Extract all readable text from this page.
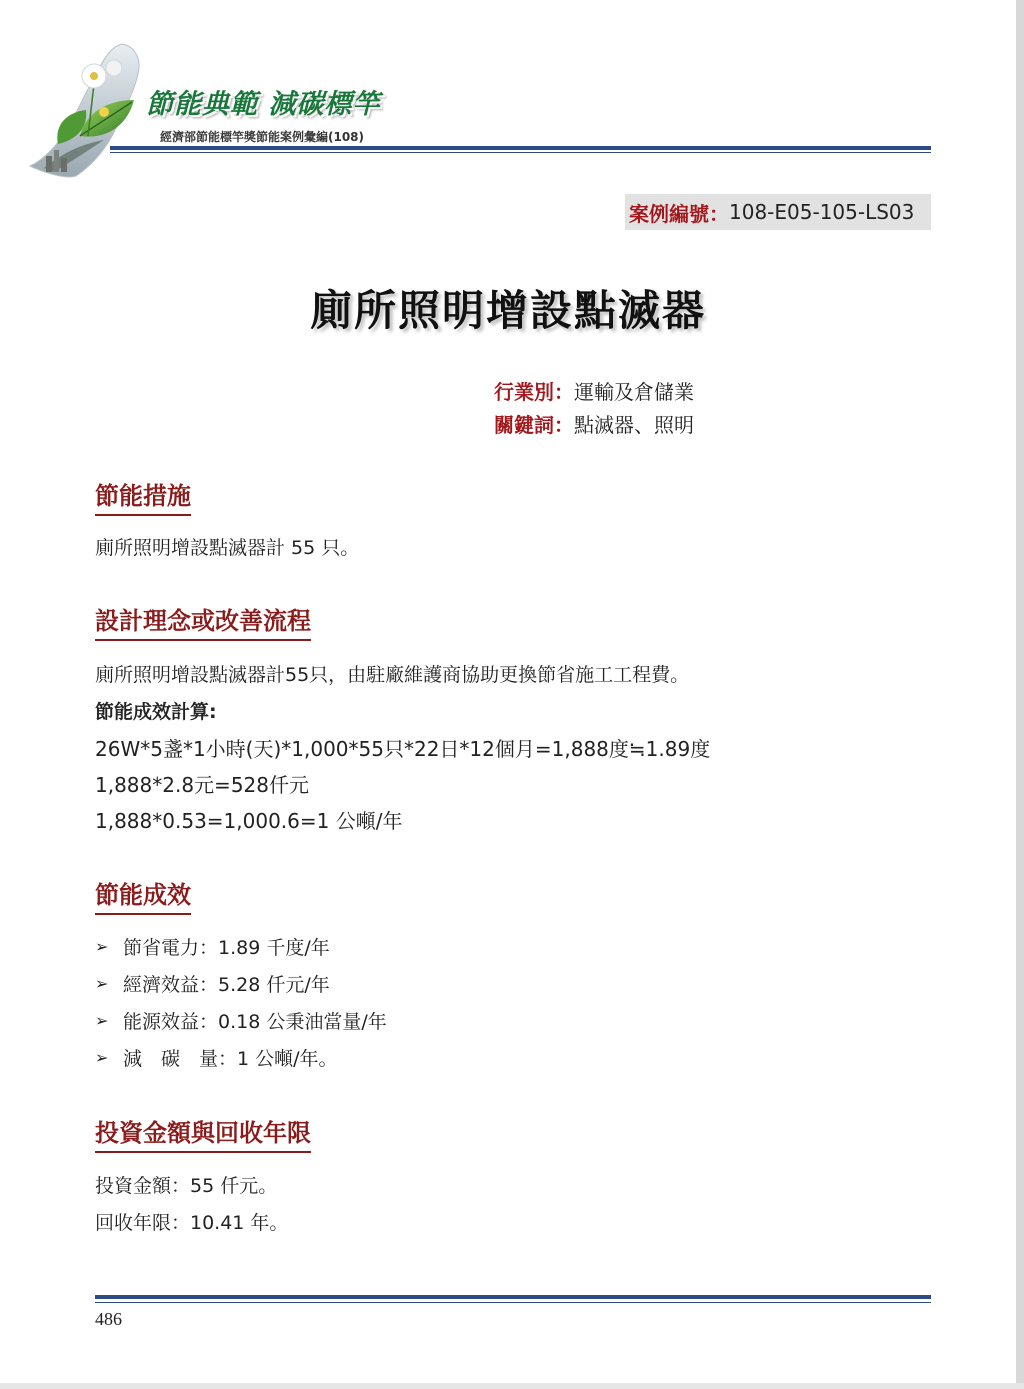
節能典範 減碳標竿
經濟部節能標竿獎節能案例彙編(108)
案例編號： 108-E05-105-LS03
廁所照明增設點滅器
行業別：運輸及倉儲業
關鍵詞：點滅器、照明
節能措施
廁所照明增設點滅器計 55 只。
設計理念或改善流程
廁所照明增設點滅器計55只，由駐廠維護商協助更換節省施工工程費。
節能成效計算:
26W*5盞*1小時(天)*1,000*55只*22日*12個月=1,888度≒1.89度
1,888*2.8元=528仟元
1,888*0.53=1,000.6=1 公噸/年
節能成效
➢ 節省電力：1.89 千度/年
➢ 經濟效益：5.28 仟元/年
➢ 能源效益：0.18 公秉油當量/年
➢ 減　碳　量：1 公噸/年。
投資金額與回收年限
投資金額：55 仟元。
回收年限：10.41 年。
486
